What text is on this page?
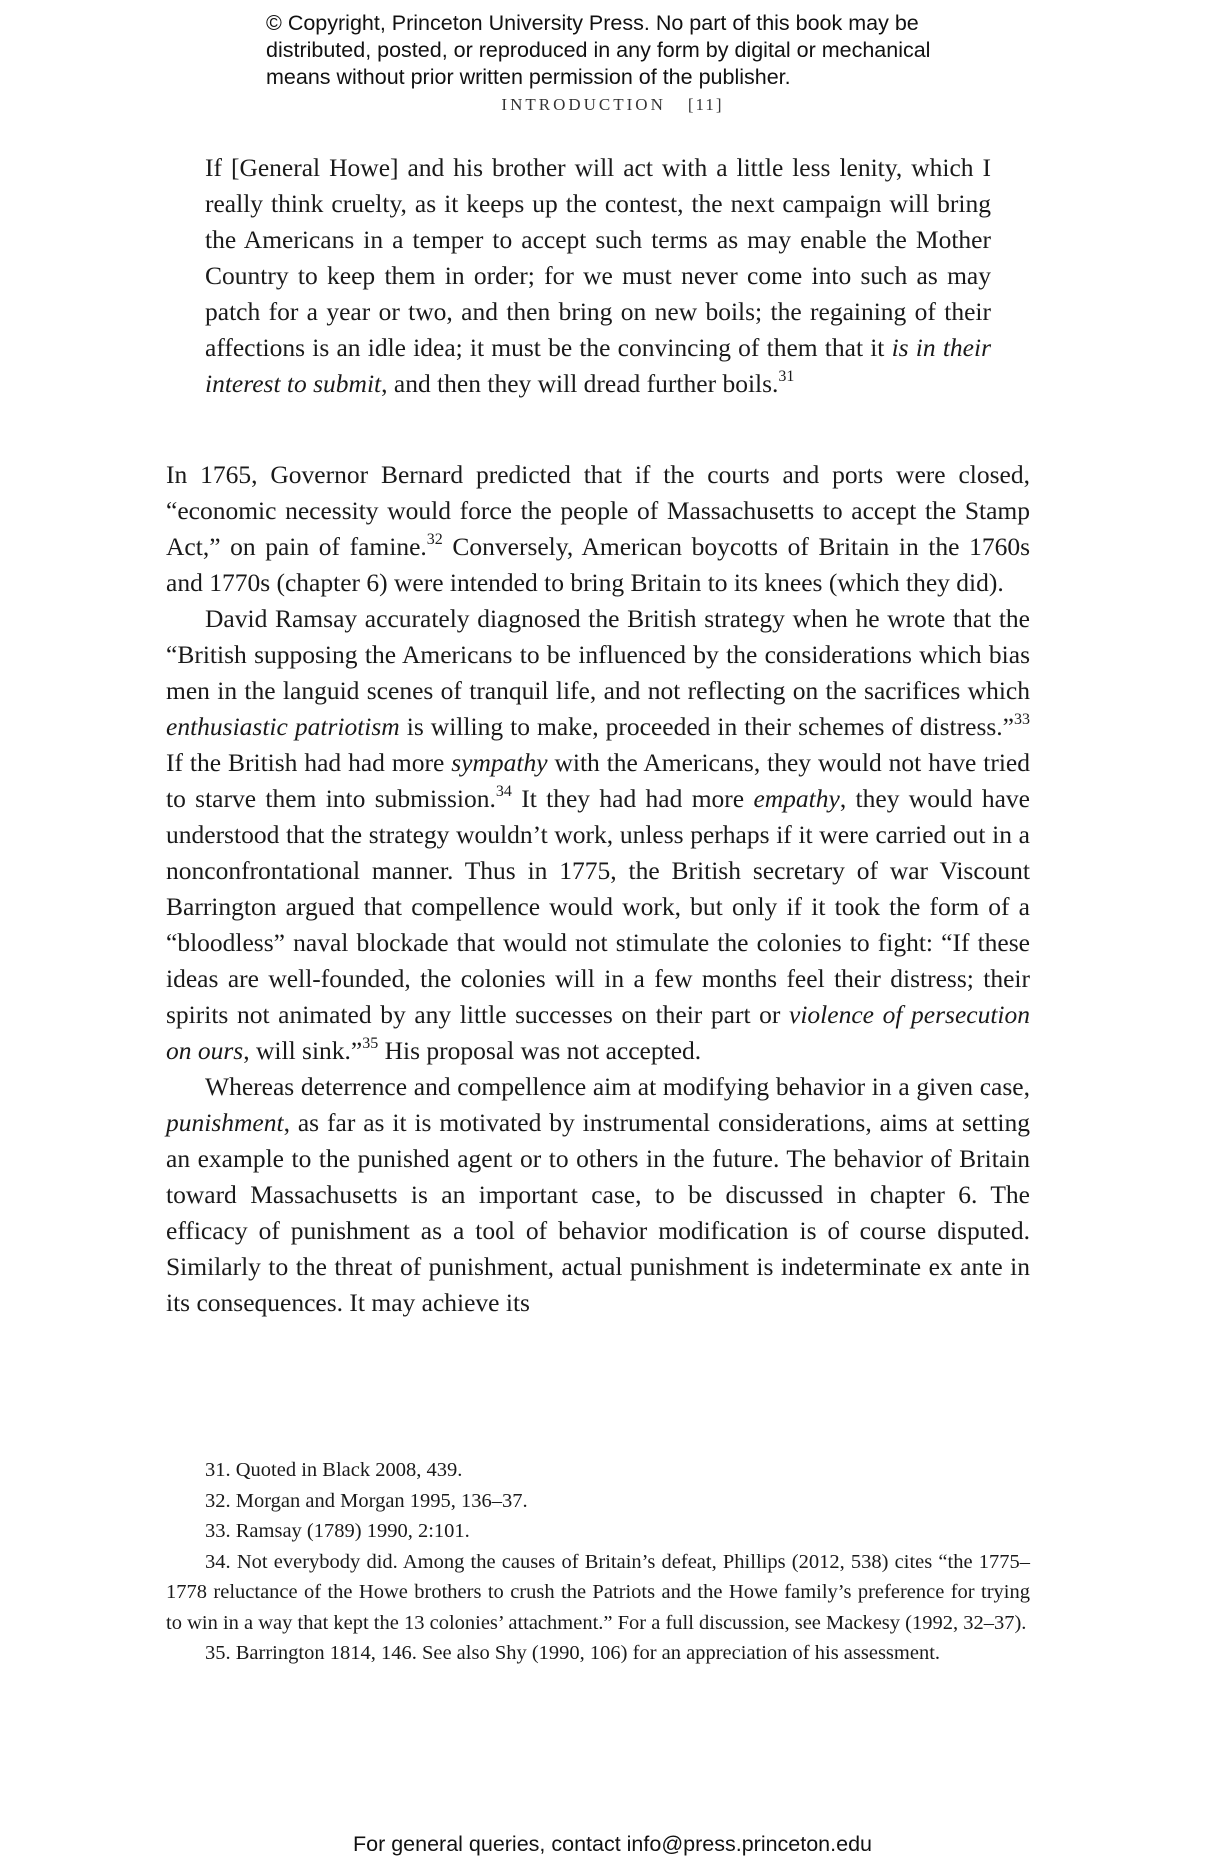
© Copyright, Princeton University Press. No part of this book may be
distributed, posted, or reproduced in any form by digital or mechanical
means without prior written permission of the publisher.
INTRODUCTION [11]
If [General Howe] and his brother will act with a little less lenity, which I really think cruelty, as it keeps up the contest, the next campaign will bring the Americans in a temper to accept such terms as may enable the Mother Country to keep them in order; for we must never come into such as may patch for a year or two, and then bring on new boils; the regaining of their affections is an idle idea; it must be the convincing of them that it is in their interest to submit, and then they will dread further boils.$^{31}$

In 1765, Governor Bernard predicted that if the courts and ports were closed, “economic necessity would force the people of Massachusetts to accept the Stamp Act,” on pain of famine.$^{32}$ Conversely, American boycotts of Britain in the 1760s and 1770s (chapter 6) were intended to bring Britain to its knees (which they did).

David Ramsay accurately diagnosed the British strategy when he wrote that the “British supposing the Americans to be influenced by the considerations which bias men in the languid scenes of tranquil life, and not reflecting on the sacrifices which enthusiastic patriotism is willing to make, proceeded in their schemes of distress.”$^{33}$ If the British had had more sympathy with the Americans, they would not have tried to starve them into submission.$^{34}$ It they had had more empathy, they would have understood that the strategy wouldn’t work, unless perhaps if it were carried out in a nonconfrontational manner. Thus in 1775, the British secretary of war Viscount Barrington argued that compellence would work, but only if it took the form of a “bloodless” naval blockade that would not stimulate the colonies to fight: “If these ideas are well-founded, the colonies will in a few months feel their distress; their spirits not animated by any little successes on their part or violence of persecution on ours, will sink.”$^{35}$ His proposal was not accepted.

Whereas deterrence and compellence aim at modifying behavior in a given case, punishment, as far as it is motivated by instrumental considerations, aims at setting an example to the punished agent or to others in the future. The behavior of Britain toward Massachusetts is an important case, to be discussed in chapter 6. The efficacy of punishment as a tool of behavior modification is of course disputed. Similarly to the threat of punishment, actual punishment is indeterminate ex ante in its consequences. It may achieve its

31. Quoted in Black 2008, 439.

32. Morgan and Morgan 1995, 136–37.

33. Ramsay (1789) 1990, 2:101.

34. Not everybody did. Among the causes of Britain’s defeat, Phillips (2012, 538) cites “the 1775–1778 reluctance of the Howe brothers to crush the Patriots and the Howe family’s preference for trying to win in a way that kept the 13 colonies’ attachment.” For a full discussion, see Mackesy (1992, 32–37).

35. Barrington 1814, 146. See also Shy (1990, 106) for an appreciation of his assessment.

For general queries, contact info@press.princeton.edu
